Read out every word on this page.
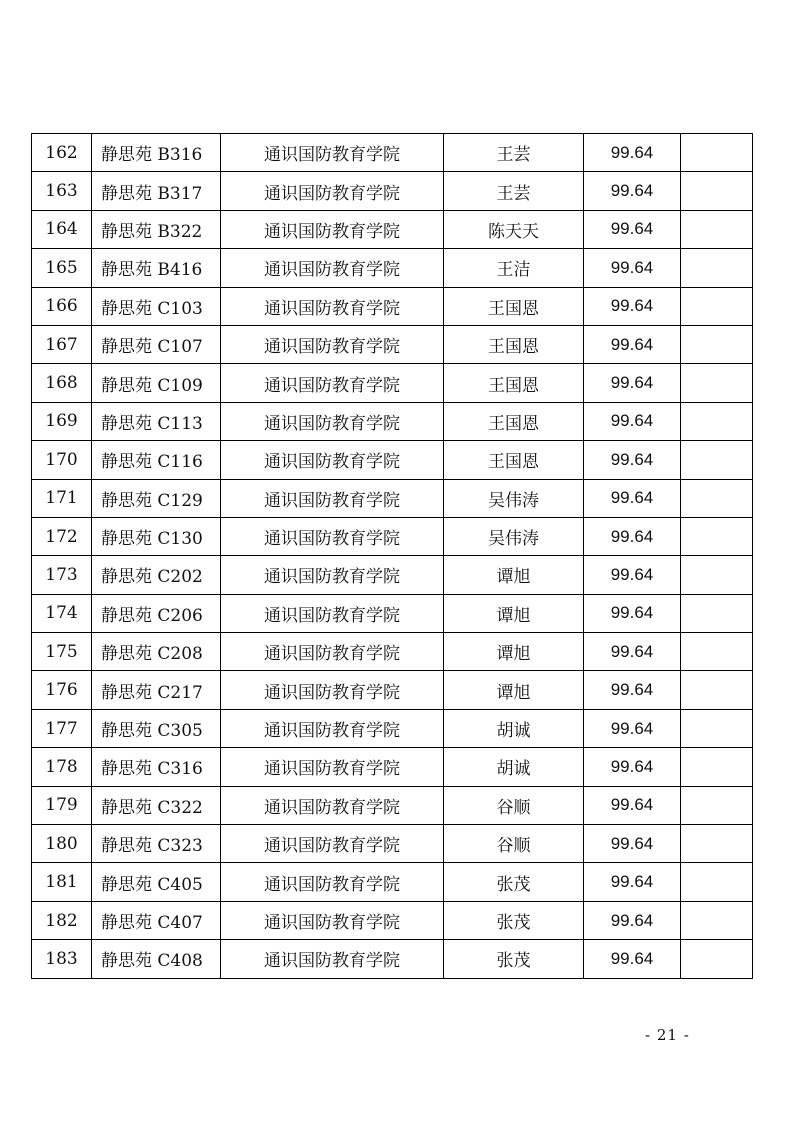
162	静思苑 B316	通识国防教育学院	王芸	99.64	
163	静思苑 B317	通识国防教育学院	王芸	99.64	
164	静思苑 B322	通识国防教育学院	陈天天	99.64	
165	静思苑 B416	通识国防教育学院	王洁	99.64	
166	静思苑 C103	通识国防教育学院	王国恩	99.64	
167	静思苑 C107	通识国防教育学院	王国恩	99.64	
168	静思苑 C109	通识国防教育学院	王国恩	99.64	
169	静思苑 C113	通识国防教育学院	王国恩	99.64	
170	静思苑 C116	通识国防教育学院	王国恩	99.64	
171	静思苑 C129	通识国防教育学院	吴伟涛	99.64	
172	静思苑 C130	通识国防教育学院	吴伟涛	99.64	
173	静思苑 C202	通识国防教育学院	谭旭	99.64	
174	静思苑 C206	通识国防教育学院	谭旭	99.64	
175	静思苑 C208	通识国防教育学院	谭旭	99.64	
176	静思苑 C217	通识国防教育学院	谭旭	99.64	
177	静思苑 C305	通识国防教育学院	胡诚	99.64	
178	静思苑 C316	通识国防教育学院	胡诚	99.64	
179	静思苑 C322	通识国防教育学院	谷顺	99.64	
180	静思苑 C323	通识国防教育学院	谷顺	99.64	
181	静思苑 C405	通识国防教育学院	张茂	99.64	
182	静思苑 C407	通识国防教育学院	张茂	99.64	
183	静思苑 C408	通识国防教育学院	张茂	99.64	
- 21 -
